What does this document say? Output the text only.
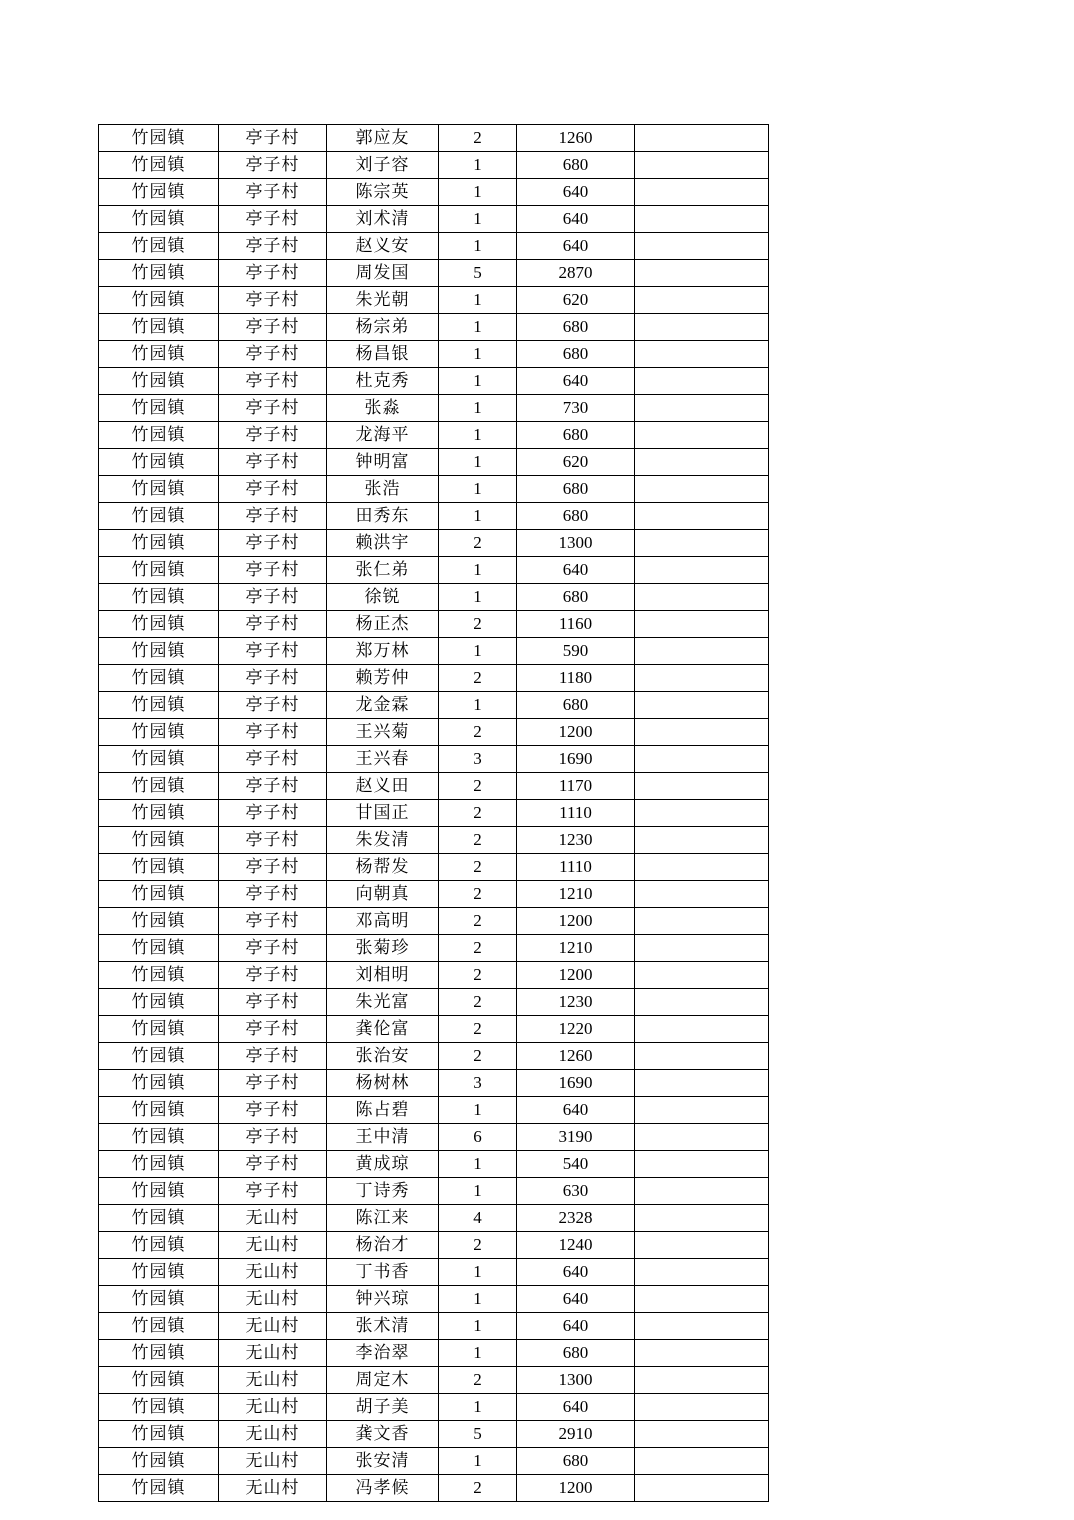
竹园镇	亭子村	郭应友	2	1260	
竹园镇	亭子村	刘子容	1	680	
竹园镇	亭子村	陈宗英	1	640	
竹园镇	亭子村	刘术清	1	640	
竹园镇	亭子村	赵义安	1	640	
竹园镇	亭子村	周发国	5	2870	
竹园镇	亭子村	朱光朝	1	620	
竹园镇	亭子村	杨宗弟	1	680	
竹园镇	亭子村	杨昌银	1	680	
竹园镇	亭子村	杜克秀	1	640	
竹园镇	亭子村	张淼	1	730	
竹园镇	亭子村	龙海平	1	680	
竹园镇	亭子村	钟明富	1	620	
竹园镇	亭子村	张浩	1	680	
竹园镇	亭子村	田秀东	1	680	
竹园镇	亭子村	赖洪宇	2	1300	
竹园镇	亭子村	张仁弟	1	640	
竹园镇	亭子村	徐锐	1	680	
竹园镇	亭子村	杨正杰	2	1160	
竹园镇	亭子村	郑万林	1	590	
竹园镇	亭子村	赖芳仲	2	1180	
竹园镇	亭子村	龙金霖	1	680	
竹园镇	亭子村	王兴菊	2	1200	
竹园镇	亭子村	王兴春	3	1690	
竹园镇	亭子村	赵义田	2	1170	
竹园镇	亭子村	甘国正	2	1110	
竹园镇	亭子村	朱发清	2	1230	
竹园镇	亭子村	杨帮发	2	1110	
竹园镇	亭子村	向朝真	2	1210	
竹园镇	亭子村	邓高明	2	1200	
竹园镇	亭子村	张菊珍	2	1210	
竹园镇	亭子村	刘相明	2	1200	
竹园镇	亭子村	朱光富	2	1230	
竹园镇	亭子村	龚伦富	2	1220	
竹园镇	亭子村	张治安	2	1260	
竹园镇	亭子村	杨树林	3	1690	
竹园镇	亭子村	陈占碧	1	640	
竹园镇	亭子村	王中清	6	3190	
竹园镇	亭子村	黄成琼	1	540	
竹园镇	亭子村	丁诗秀	1	630	
竹园镇	无山村	陈江来	4	2328	
竹园镇	无山村	杨治才	2	1240	
竹园镇	无山村	丁书香	1	640	
竹园镇	无山村	钟兴琼	1	640	
竹园镇	无山村	张术清	1	640	
竹园镇	无山村	李治翠	1	680	
竹园镇	无山村	周定木	2	1300	
竹园镇	无山村	胡子美	1	640	
竹园镇	无山村	龚文香	5	2910	
竹园镇	无山村	张安清	1	680	
竹园镇	无山村	冯孝候	2	1200	
